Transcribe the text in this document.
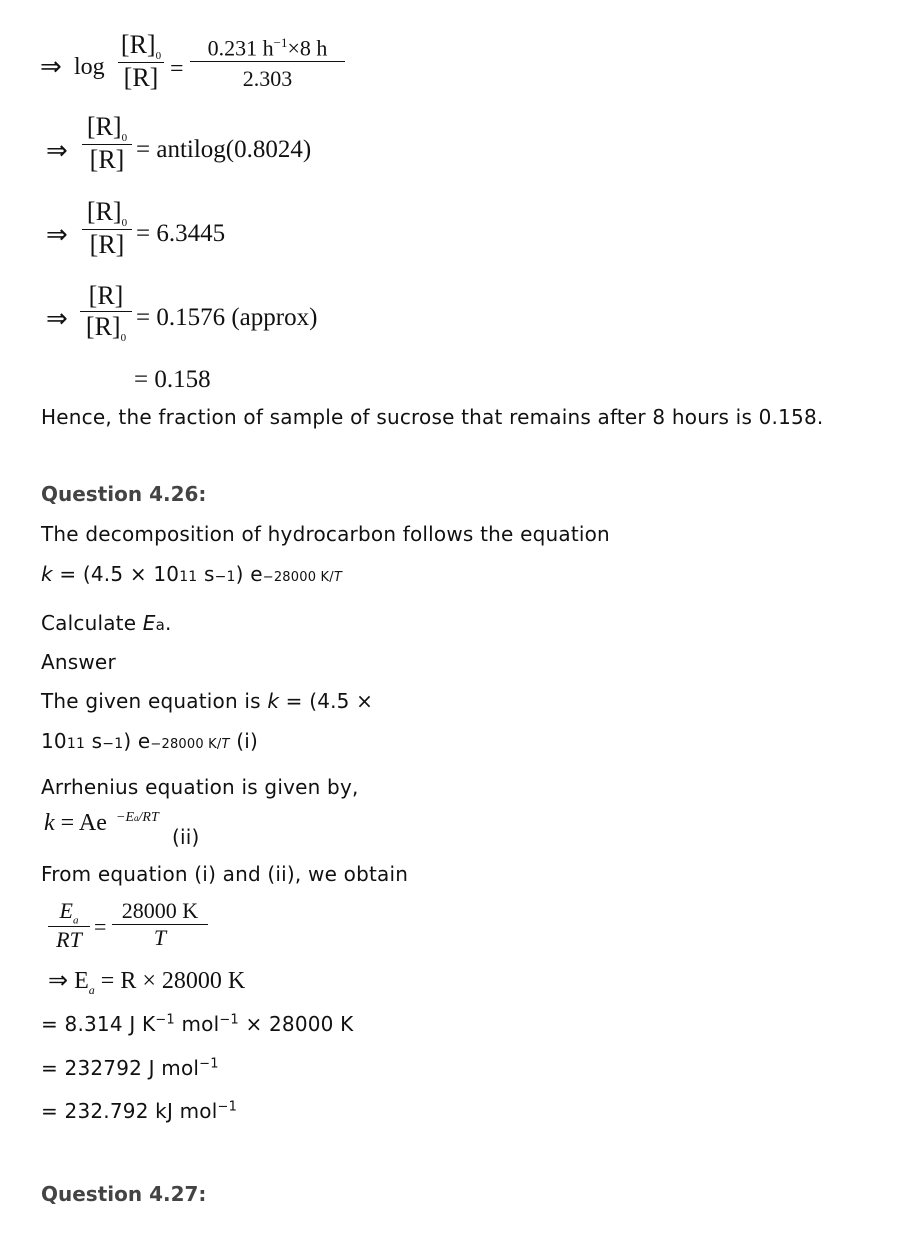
⇒ log
$[R]_0$
[R] =
0.231 $h^{-1}\times 8$ h
2.303
⇒
$[R]_0$
[R] = antilog(0.8024)
⇒
$[R]_0$
[R] = 6.3445
⇒
[R]
$[R]_0$
= 0.1576 (approx)
= 0.158

Hence, the fraction of sample of sucrose that remains after 8 hours is 0.158.

Question 4.26:

The decomposition of hydrocarbon follows the equation

k = (4.5 × 1011 s−1) e−28000 K/T

Calculate Ea.

Answer

The given equation is k = (4.5 ×

1011 s−1) e−28000 K/T (i)

Arrhenius equation is given by,

k = Ae −Ea/RT
(ii)

From equation (i) and (ii), we obtain

$E_a$
RT
=
28000 K
T

⇒ $E_a = R \times 28000$ K

= 8.314 J $K^{-1}$ mol$^{-1}$ × 28000 K

= 232792 J mol$^{-1}$

= 232.792 kJ mol$^{-1}$

Question 4.27:
